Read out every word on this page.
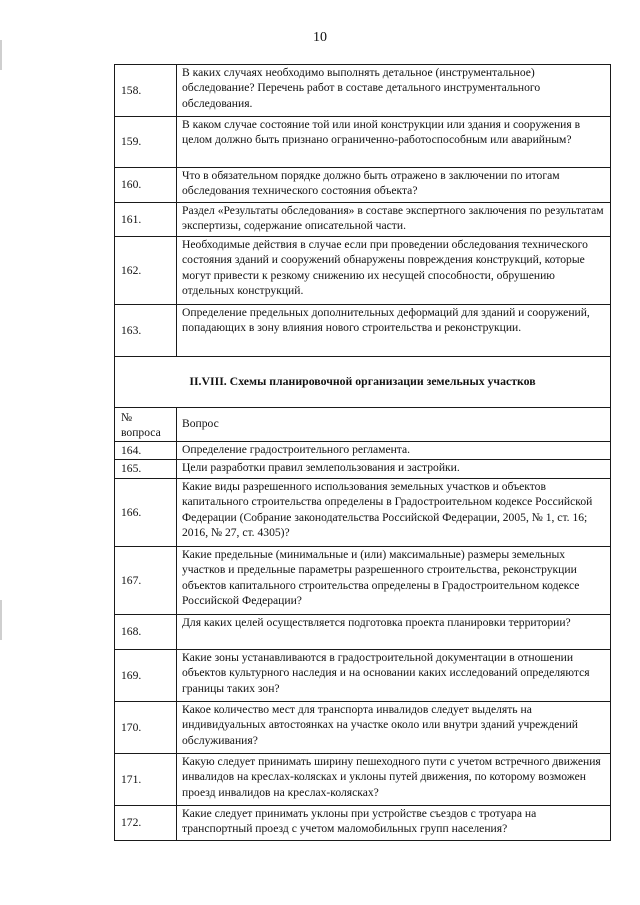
10
158.	В каких случаях необходимо выполнять детальное (инструментальное) обследование? Перечень работ в составе детального инструментального обследования.
159.	В каком случае состояние той или иной конструкции или здания и сооружения в целом должно быть признано ограниченно-работоспособным или аварийным?
160.	Что в обязательном порядке должно быть отражено в заключении по итогам обследования технического состояния объекта?
161.	Раздел «Результаты обследования» в составе экспертного заключения по результатам экспертизы, содержание описательной части.
162.	Необходимые действия в случае если при проведении обследования технического состояния зданий и сооружений обнаружены повреждения конструкций, которые могут привести к резкому снижению их несущей способности, обрушению отдельных конструкций.
163.	Определение предельных дополнительных деформаций для зданий и сооружений, попадающих в зону влияния нового строительства и реконструкции.
II.VIII. Схемы планировочной организации земельных участков	
№ вопроса	Вопрос
164.	Определение градостроительного регламента.
165.	Цели разработки правил землепользования и застройки.
166.	Какие виды разрешенного использования земельных участков и объектов капитального строительства определены в Градостроительном кодексе Российской Федерации (Собрание законодательства Российской Федерации, 2005, № 1, ст. 16; 2016, № 27, ст. 4305)?
167.	Какие предельные (минимальные и (или) максимальные) размеры земельных участков и предельные параметры разрешенного строительства, реконструкции объектов капитального строительства определены в Градостроительном кодексе Российской Федерации?
168.	Для каких целей осуществляется подготовка проекта планировки территории?
169.	Какие зоны устанавливаются в градостроительной документации в отношении объектов культурного наследия и на основании каких исследований определяются границы таких зон?
170.	Какое количество мест для транспорта инвалидов следует выделять на индивидуальных автостоянках на участке около или внутри зданий учреждений обслуживания?
171.	Какую следует принимать ширину пешеходного пути с учетом встречного движения инвалидов на креслах-колясках и уклоны путей движения, по которому возможен проезд инвалидов на креслах-колясках?
172.	Какие следует принимать уклоны при устройстве съездов с тротуара на транспортный проезд с учетом маломобильных групп населения?
